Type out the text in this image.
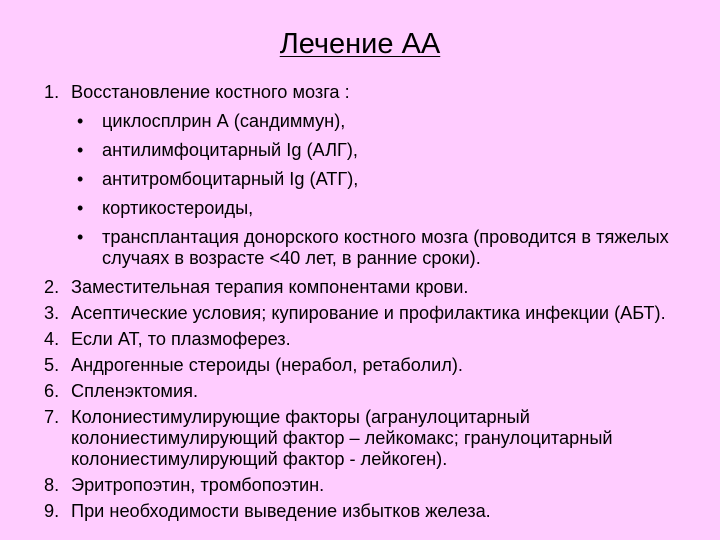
Лечение АА
1. Восстановление костного мозга :
•	циклосплрин А (сандиммун),
•	антилимфоцитарный Ig (АЛГ),
•	антитромбоцитарный Ig (АТГ),
•	кортикостероиды,
•	трансплантация донорского костного мозга (проводится в тяжелых случаях в возрасте <40 лет, в ранние сроки).
2. Заместительная терапия компонентами крови.
3. Асептические условия; купирование и профилактика инфекции (АБТ).
4. Если АТ, то плазмоферез.
5. Андрогенные стероиды (нерабол, ретаболил).
6. Спленэктомия.
7. Колониестимулирующие факторы (агранулоцитарный колониестимулирующий фактор – лейкомакс; гранулоцитарный колониестимулирующий фактор - лейкоген).
8. Эритропоэтин, тромбопоэтин.
9. При необходимости выведение избытков железа.
